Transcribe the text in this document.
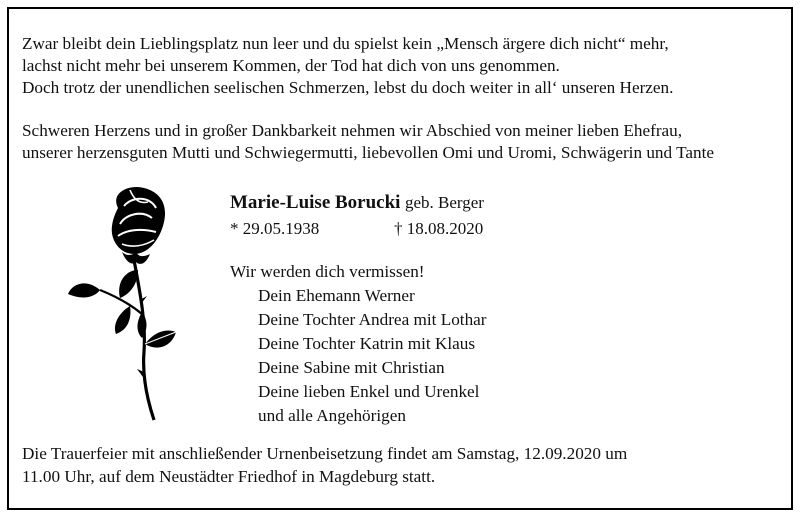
Zwar bleibt dein Lieblingsplatz nun leer und du spielst kein „Mensch ärgere dich nicht“ mehr,
lachst nicht mehr bei unserem Kommen, der Tod hat dich von uns genommen.
Doch trotz der unendlichen seelischen Schmerzen, lebst du doch weiter in all‘ unseren Herzen.
Schweren Herzens und in großer Dankbarkeit nehmen wir Abschied von meiner lieben Ehefrau,
unserer herzensguten Mutti und Schwiegermutti, liebevollen Omi und Uromi, Schwägerin und Tante
Marie-Luise Borucki geb. Berger
* 29.05.1938	† 18.08.2020
Wir werden dich vermissen!
Dein Ehemann Werner
Deine Tochter Andrea mit Lothar
Deine Tochter Katrin mit Klaus
Deine Sabine mit Christian
Deine lieben Enkel und Urenkel
und alle Angehörigen
Die Trauerfeier mit anschließender Urnenbeisetzung findet am Samstag, 12.09.2020 um
11.00 Uhr, auf dem Neustädter Friedhof in Magdeburg statt.
